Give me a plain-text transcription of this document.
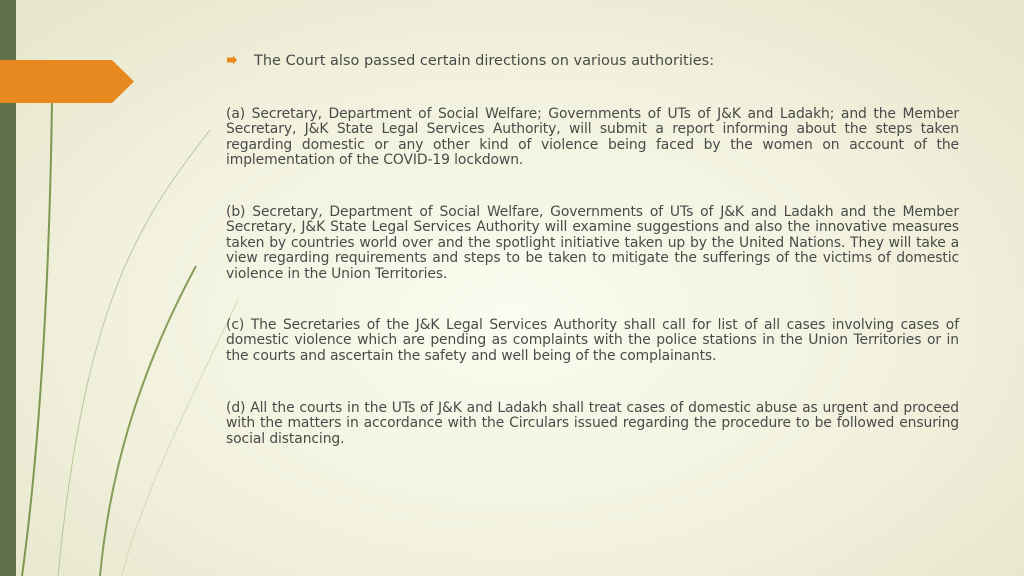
The Court also passed certain directions on various authorities:

(a) Secretary, Department of Social Welfare; Governments of UTs of J&K and Ladakh; and the Member Secretary, J&K State Legal Services Authority, will submit a report informing about the steps taken regarding domestic or any other kind of violence being faced by the women on account of the implementation of the COVID-19 lockdown.

(b) Secretary, Department of Social Welfare, Governments of UTs of J&K and Ladakh and the Member Secretary, J&K State Legal Services Authority will examine suggestions and also the innovative measures taken by countries world over and the spotlight initiative taken up by the United Nations. They will take a view regarding requirements and steps to be taken to mitigate the sufferings of the victims of domestic violence in the Union Territories.

(c) The Secretaries of the J&K Legal Services Authority shall call for list of all cases involving cases of domestic violence which are pending as complaints with the police stations in the Union Territories or in the courts and ascertain the safety and well being of the complainants.

(d) All the courts in the UTs of J&K and Ladakh shall treat cases of domestic abuse as urgent and proceed with the matters in accordance with the Circulars issued regarding the procedure to be followed ensuring social distancing.
